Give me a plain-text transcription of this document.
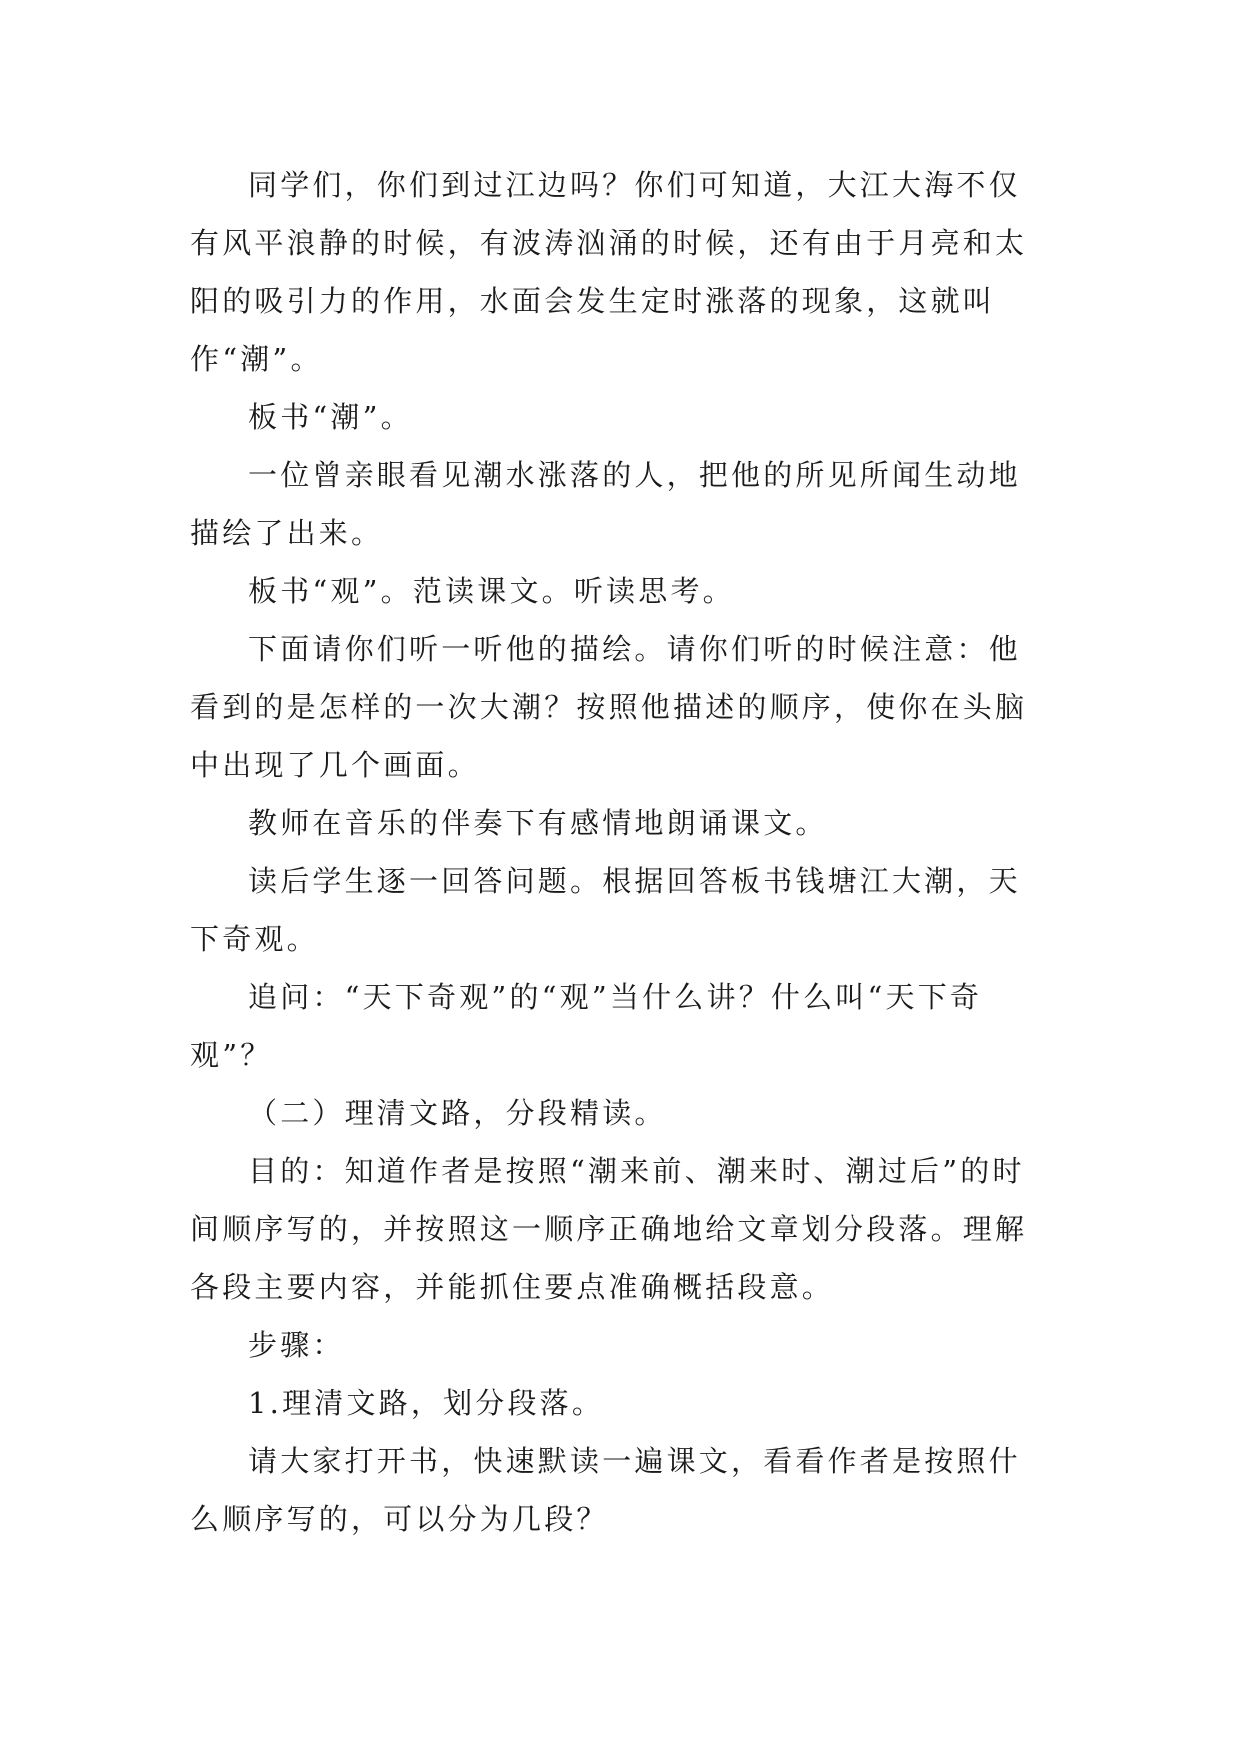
同学们，你们到过江边吗？你们可知道，大江大海不仅有风平浪静的时候，有波涛汹涌的时候，还有由于月亮和太阳的吸引力的作用，水面会发生定时涨落的现象，这就叫作“潮”。

板书“潮”。

一位曾亲眼看见潮水涨落的人，把他的所见所闻生动地描绘了出来。

板书“观”。范读课文。听读思考。

下面请你们听一听他的描绘。请你们听的时候注意：他看到的是怎样的一次大潮？按照他描述的顺序，使你在头脑中出现了几个画面。

教师在音乐的伴奏下有感情地朗诵课文。

读后学生逐一回答问题。根据回答板书钱塘江大潮，天下奇观。

追问：“天下奇观”的“观”当什么讲？什么叫“天下奇观”？

（二）理清文路，分段精读。

目的：知道作者是按照“潮来前、潮来时、潮过后”的时间顺序写的，并按照这一顺序正确地给文章划分段落。理解各段主要内容，并能抓住要点准确概括段意。

步骤：

1.理清文路，划分段落。

请大家打开书，快速默读一遍课文，看看作者是按照什么顺序写的，可以分为几段？
